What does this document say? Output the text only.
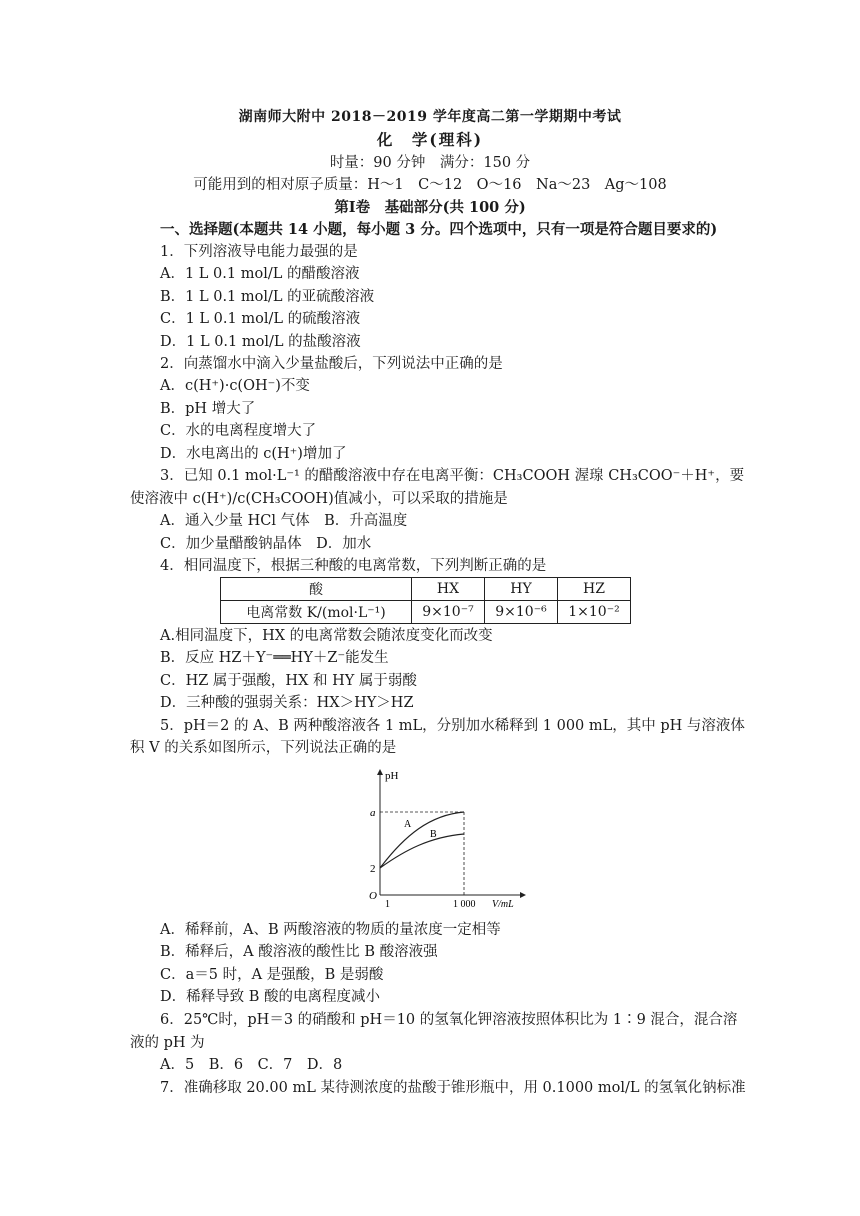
湖南师大附中 2018－2019 学年度高二第一学期期中考试
化　学(理科)
时量：90 分钟　满分：150 分
可能用到的相对原子质量：H～1　C～12　O～16　Na～23　Ag～108
第Ⅰ卷　基础部分(共 100 分)
一、选择题(本题共 14 小题，每小题 3 分。四个选项中，只有一项是符合题目要求的)
1．下列溶液导电能力最强的是
A．1 L 0.1 mol/L 的醋酸溶液
B．1 L 0.1 mol/L 的亚硫酸溶液
C．1 L 0.1 mol/L 的硫酸溶液
D．1 L 0.1 mol/L 的盐酸溶液
2．向蒸馏水中滴入少量盐酸后，下列说法中正确的是
A．c(H⁺)·c(OH⁻)不变
B．pH 增大了
C．水的电离程度增大了
D．水电离出的 c(H⁺)增加了
3．已知 0.1 mol·L⁻¹ 的醋酸溶液中存在电离平衡：CH₃COOH 渥瑔 CH₃COO⁻＋H⁺，要
使溶液中 c(H⁺)/c(CH₃COOH)值减小，可以采取的措施是
A．通入少量 HCl 气体　B．升高温度
C．加少量醋酸钠晶体　D．加水
4．相同温度下，根据三种酸的电离常数，下列判断正确的是
酸	HX	HY	HZ
电离常数 K/(mol·L⁻¹)	9×10⁻⁷	9×10⁻⁶	1×10⁻²
A.相同温度下，HX 的电离常数会随浓度变化而改变
B．反应 HZ＋Y⁻══HY＋Z⁻能发生
C．HZ 属于强酸，HX 和 HY 属于弱酸
D．三种酸的强弱关系：HX＞HY＞HZ
5．pH＝2 的 A、B 两种酸溶液各 1 mL，分别加水稀释到 1 000 mL，其中 pH 与溶液体
积 V 的关系如图所示，下列说法正确的是
pH
a
2
O
1	1 000 V/mL
A
B
A．稀释前，A、B 两酸溶液的物质的量浓度一定相等
B．稀释后，A 酸溶液的酸性比 B 酸溶液强
C．a＝5 时，A 是强酸，B 是弱酸
D．稀释导致 B 酸的电离程度减小
6．25℃时，pH＝3 的硝酸和 pH＝10 的氢氧化钾溶液按照体积比为 1∶9 混合，混合溶
液的 pH 为
A．5　B．6　C．7　D．8
7．准确移取 20.00 mL 某待测浓度的盐酸于锥形瓶中，用 0.1000 mol/L 的氢氧化钠标准
